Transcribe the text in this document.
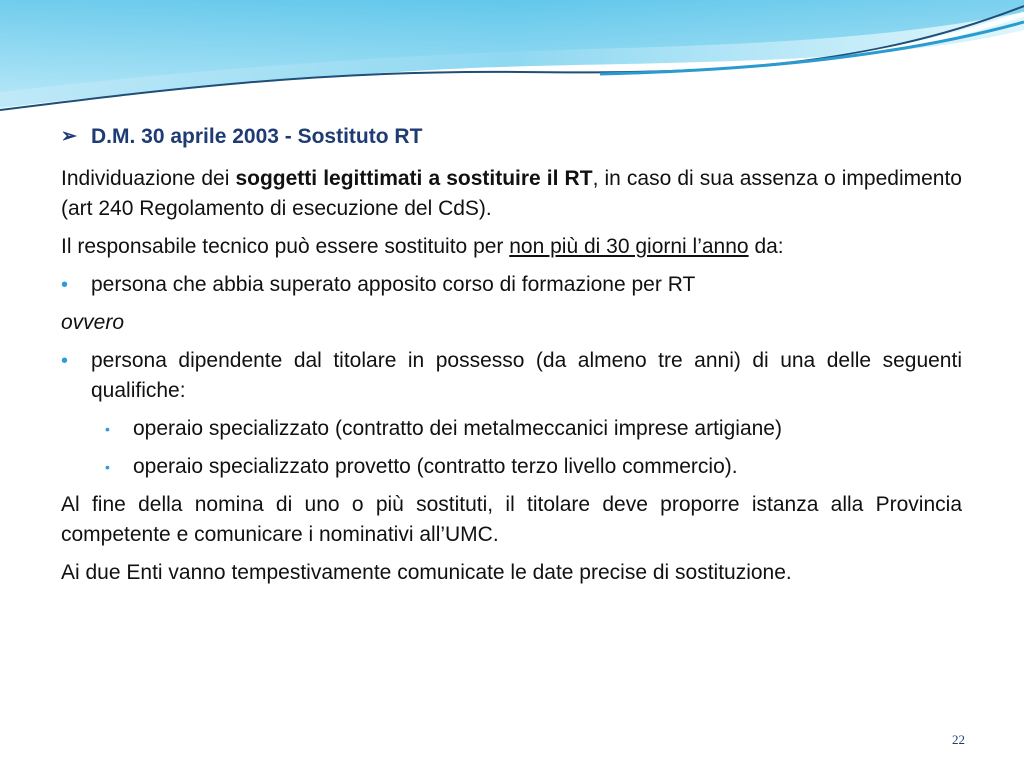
➢ D.M. 30 aprile 2003 - Sostituto RT

Individuazione dei soggetti legittimati a sostituire il RT, in caso di sua assenza o impedimento (art 240 Regolamento di esecuzione del CdS).

Il responsabile tecnico può essere sostituito per non più di 30 giorni l’anno da:

•	persona che abbia superato apposito corso di formazione per RT

ovvero

•	persona dipendente dal titolare in possesso (da almeno tre anni) di una delle seguenti qualifiche:
•	operaio specializzato (contratto dei metalmeccanici imprese artigiane)
•	operaio specializzato provetto (contratto terzo livello commercio).

Al fine della nomina di uno o più sostituti, il titolare deve proporre istanza alla Provincia competente e comunicare i nominativi all’UMC.

Ai due Enti vanno tempestivamente comunicate le date precise di sostituzione.

22
